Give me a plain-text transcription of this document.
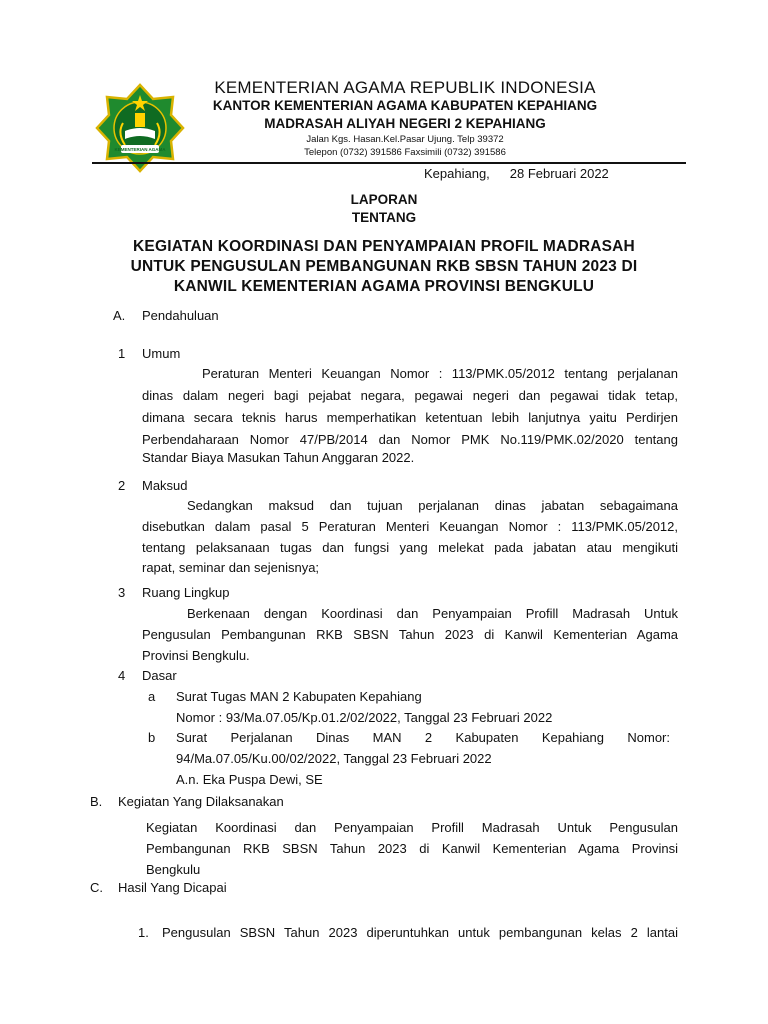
KEMENTERIAN AGAMA
KEMENTERIAN AGAMA REPUBLIK INDONESIA
KANTOR KEMENTERIAN AGAMA KABUPATEN KEPAHIANG
MADRASAH ALIYAH NEGERI 2 KEPAHIANG
Jalan Kgs. Hasan.Kel.Pasar Ujung. Telp 39372
Telepon (0732) 391586 Faxsimili (0732) 391586
Kepahiang, 28 Februari 2022
LAPORAN
TENTANG
KEGIATAN KOORDINASI DAN PENYAMPAIAN PROFIL MADRASAH
UNTUK PENGUSULAN PEMBANGUNAN RKB SBSN TAHUN 2023 DI
KANWIL KEMENTERIAN AGAMA PROVINSI BENGKULU
A. Pendahuluan
1 Umum
Peraturan Menteri Keuangan Nomor : 113/PMK.05/2012 tentang perjalanan
dinas dalam negeri bagi pejabat negara, pegawai negeri dan pegawai tidak tetap,
dimana secara teknis harus memperhatikan ketentuan lebih lanjutnya yaitu Perdirjen
Perbendaharaan Nomor 47/PB/2014 dan Nomor PMK No.119/PMK.02/2020 tentang
Standar Biaya Masukan Tahun Anggaran 2022.
2 Maksud
Sedangkan maksud dan tujuan perjalanan dinas jabatan sebagaimana
disebutkan dalam pasal 5 Peraturan Menteri Keuangan Nomor : 113/PMK.05/2012,
tentang pelaksanaan tugas dan fungsi yang melekat pada jabatan atau mengikuti
rapat, seminar dan sejenisnya;
3 Ruang Lingkup
Berkenaan dengan Koordinasi dan Penyampaian Profill Madrasah Untuk
Pengusulan Pembangunan RKB SBSN Tahun 2023 di Kanwil Kementerian Agama
Provinsi Bengkulu.
4 Dasar
a Surat Tugas MAN 2 Kabupaten Kepahiang
Nomor : 93/Ma.07.05/Kp.01.2/02/2022, Tanggal 23 Februari 2022
b Surat Perjalanan Dinas MAN 2 Kabupaten Kepahiang Nomor:
94/Ma.07.05/Ku.00/02/2022, Tanggal 23 Februari 2022
A.n. Eka Puspa Dewi, SE
B. Kegiatan Yang Dilaksanakan
Kegiatan Koordinasi dan Penyampaian Profill Madrasah Untuk Pengusulan
Pembangunan RKB SBSN Tahun 2023 di Kanwil Kementerian Agama Provinsi
Bengkulu
C. Hasil Yang Dicapai
1. Pengusulan SBSN Tahun 2023 diperuntuhkan untuk pembangunan kelas 2 lantai
